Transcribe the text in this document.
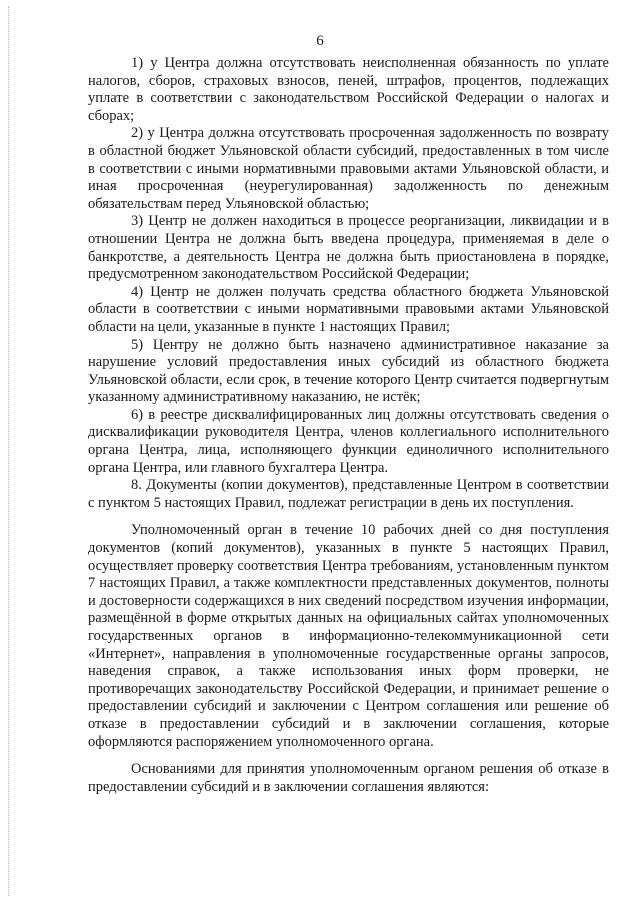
6

1) у Центра должна отсутствовать неисполненная обязанность по уплате налогов, сборов, страховых взносов, пеней, штрафов, процентов, подлежащих уплате в соответствии с законодательством Российской Федерации о налогах и сборах;

2) у Центра должна отсутствовать просроченная задолженность по возврату в областной бюджет Ульяновской области субсидий, предоставленных в том числе в соответствии с иными нормативными правовыми актами Ульяновской области, и иная просроченная (неурегулированная) задолженность по денежным обязательствам перед Ульяновской областью;

3) Центр не должен находиться в процессе реорганизации, ликвидации и в отношении Центра не должна быть введена процедура, применяемая в деле о банкротстве, а деятельность Центра не должна быть приостановлена в порядке, предусмотренном законодательством Российской Федерации;

4) Центр не должен получать средства областного бюджета Ульяновской области в соответствии с иными нормативными правовыми актами Ульяновской области на цели, указанные в пункте 1 настоящих Правил;

5) Центру не должно быть назначено административное наказание за нарушение условий предоставления иных субсидий из областного бюджета Ульяновской области, если срок, в течение которого Центр считается подвергнутым указанному административному наказанию, не истёк;

6) в реестре дисквалифицированных лиц должны отсутствовать сведения о дисквалификации руководителя Центра, членов коллегиального исполнительного органа Центра, лица, исполняющего функции единоличного исполнительного органа Центра, или главного бухгалтера Центра.

8. Документы (копии документов), представленные Центром в соответствии с пунктом 5 настоящих Правил, подлежат регистрации в день их поступления.

Уполномоченный орган в течение 10 рабочих дней со дня поступления документов (копий документов), указанных в пункте 5 настоящих Правил, осуществляет проверку соответствия Центра требованиям, установленным пунктом 7 настоящих Правил, а также комплектности представленных документов, полноты и достоверности содержащихся в них сведений посредством изучения информации, размещённой в форме открытых данных на официальных сайтах уполномоченных государственных органов в информационно-телекоммуникационной сети «Интернет», направления в уполномоченные государственные органы запросов, наведения справок, а также использования иных форм проверки, не противоречащих законодательству Российской Федерации, и принимает решение о предоставлении субсидий и заключении с Центром соглашения или решение об отказе в предоставлении субсидий и в заключении соглашения, которые оформляются распоряжением уполномоченного органа.

Основаниями для принятия уполномоченным органом решения об отказе в предоставлении субсидий и в заключении соглашения являются:
